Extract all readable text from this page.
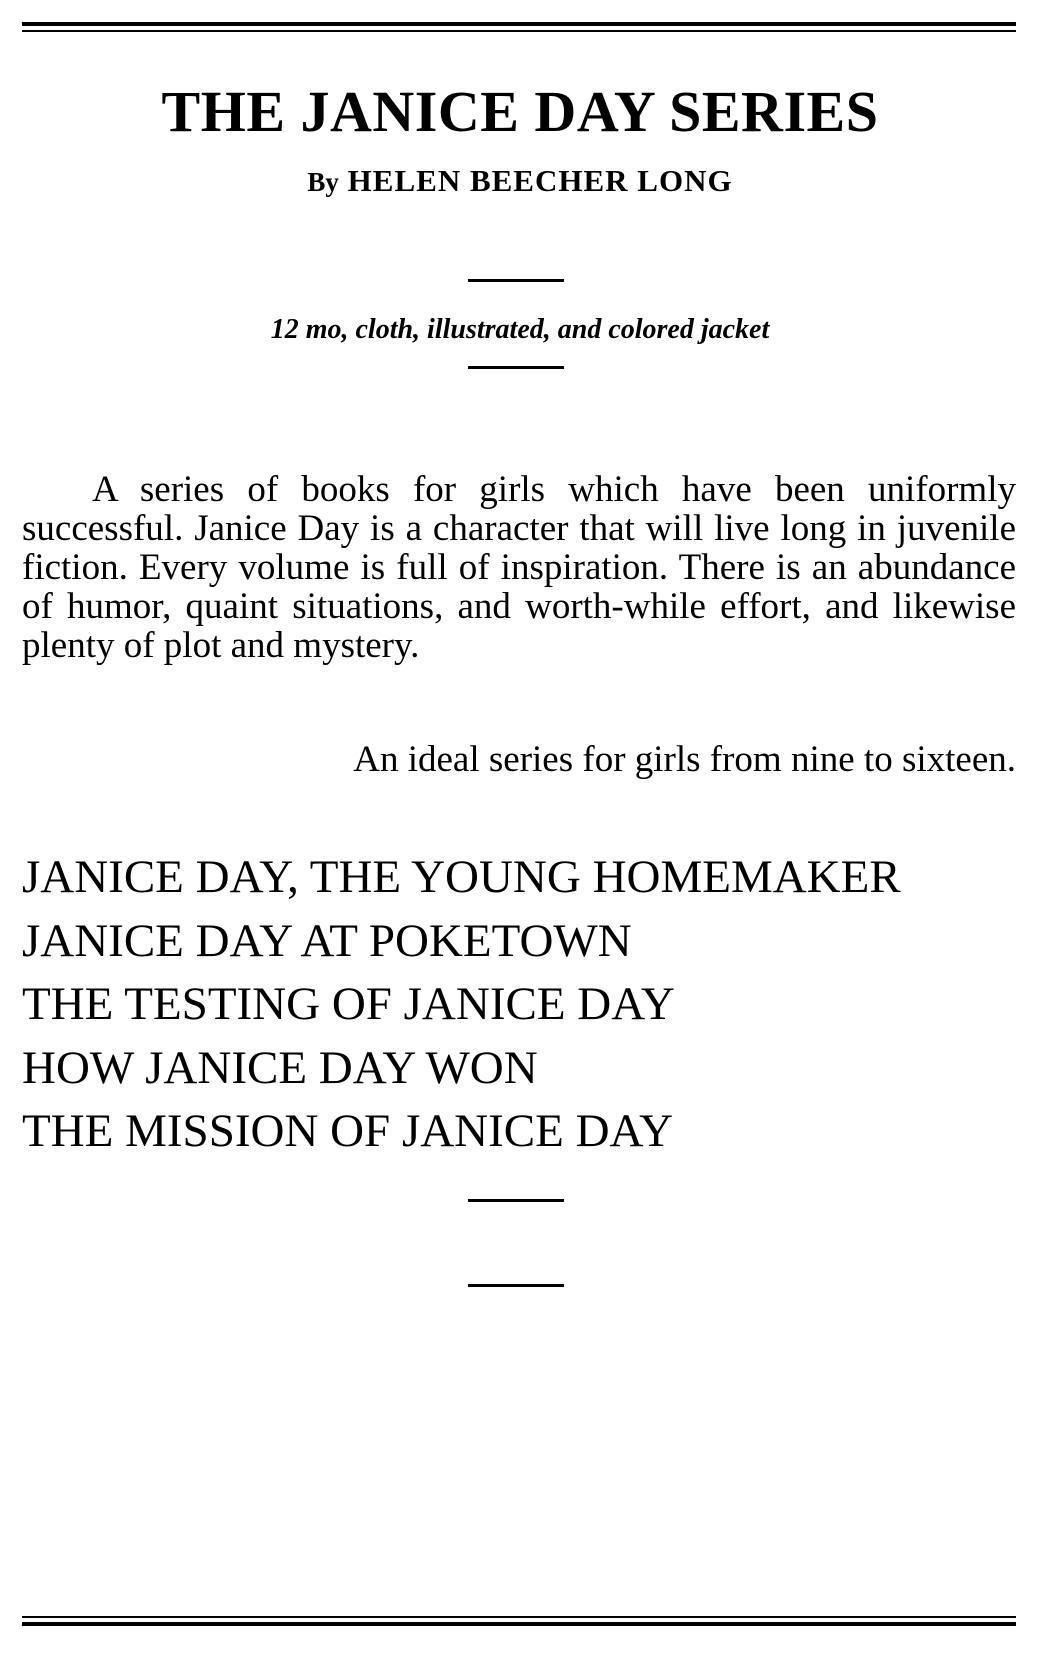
THE JANICE DAY SERIES
By HELEN BEECHER LONG
12 mo, cloth, illustrated, and colored jacket

A series of books for girls which have been uniformly successful. Janice Day is a character that will live long in juvenile fiction. Every volume is full of inspiration. There is an abundance of humor, quaint situations, and worth-while effort, and likewise plenty of plot and mystery.

An ideal series for girls from nine to sixteen.

JANICE DAY, THE YOUNG HOMEMAKER
JANICE DAY AT POKETOWN
THE TESTING OF JANICE DAY
HOW JANICE DAY WON
THE MISSION OF JANICE DAY
